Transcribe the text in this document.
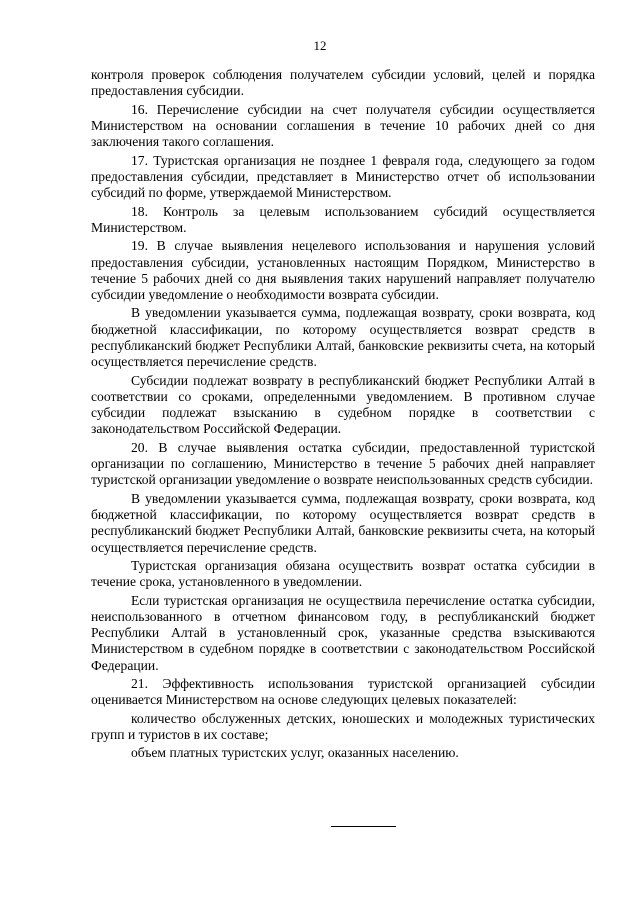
12

контроля проверок соблюдения получателем субсидии условий, целей и порядка предоставления субсидии.

16. Перечисление субсидии на счет получателя субсидии осуществляется Министерством на основании соглашения в течение 10 рабочих дней со дня заключения такого соглашения.

17. Туристская организация не позднее 1 февраля года, следующего за годом предоставления субсидии, представляет в Министерство отчет об использовании субсидий по форме, утверждаемой Министерством.

18. Контроль за целевым использованием субсидий осуществляется Министерством.

19. В случае выявления нецелевого использования и нарушения условий предоставления субсидии, установленных настоящим Порядком, Министерство в течение 5 рабочих дней со дня выявления таких нарушений направляет получателю субсидии уведомление о необходимости возврата субсидии.

В уведомлении указывается сумма, подлежащая возврату, сроки возврата, код бюджетной классификации, по которому осуществляется возврат средств в республиканский бюджет Республики Алтай, банковские реквизиты счета, на который осуществляется перечисление средств.

Субсидии подлежат возврату в республиканский бюджет Республики Алтай в соответствии со сроками, определенными уведомлением. В противном случае субсидии подлежат взысканию в судебном порядке в соответствии с законодательством Российской Федерации.

20. В случае выявления остатка субсидии, предоставленной туристской организации по соглашению, Министерство в течение 5 рабочих дней направляет туристской организации уведомление о возврате неиспользованных средств субсидии.

В уведомлении указывается сумма, подлежащая возврату, сроки возврата, код бюджетной классификации, по которому осуществляется возврат средств в республиканский бюджет Республики Алтай, банковские реквизиты счета, на который осуществляется перечисление средств.

Туристская организация обязана осуществить возврат остатка субсидии в течение срока, установленного в уведомлении.

Если туристская организация не осуществила перечисление остатка субсидии, неиспользованного в отчетном финансовом году, в республиканский бюджет Республики Алтай в установленный срок, указанные средства взыскиваются Министерством в судебном порядке в соответствии с законодательством Российской Федерации.

21. Эффективность использования туристской организацией субсидии оценивается Министерством на основе следующих целевых показателей:

количество обслуженных детских, юношеских и молодежных туристических групп и туристов в их составе;

объем платных туристских услуг, оказанных населению.
